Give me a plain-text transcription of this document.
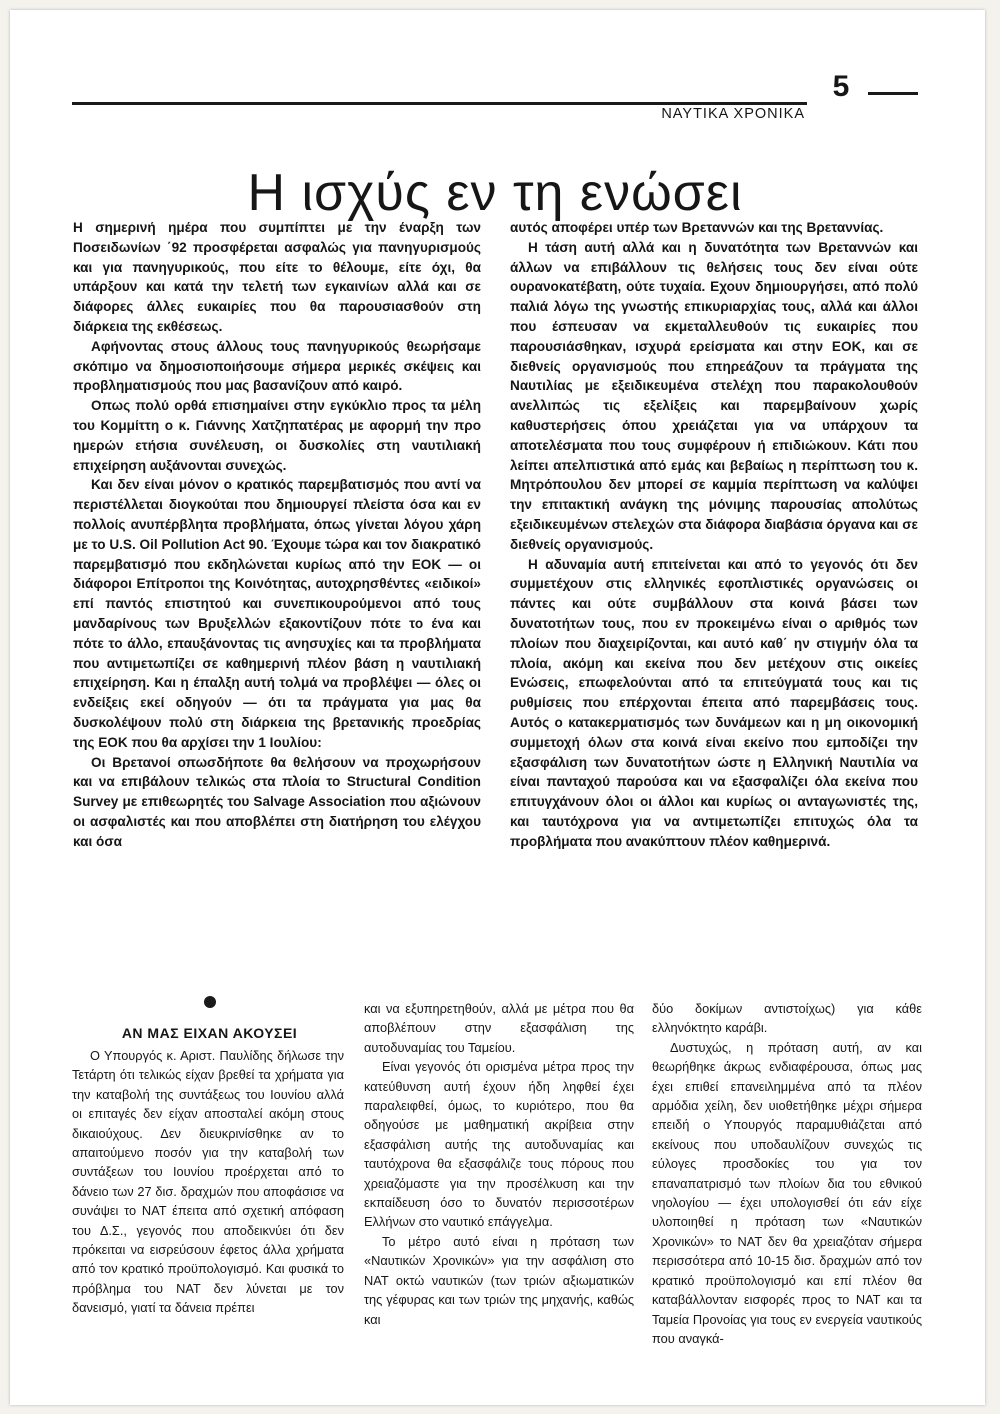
5
ΝΑΥΤΙΚΑ ΧΡΟΝΙΚΑ
Η ισχύς εν τη ενώσει

Η σημερινή ημέρα που συμπίπτει με την έναρξη των Ποσειδωνίων ΄92 προσφέρεται ασφαλώς για πανηγυρισμούς και για πανηγυρικούς, που είτε το θέλουμε, είτε όχι, θα υπάρξουν και κατά την τελετή των εγκαινίων αλλά και σε διάφορες άλλες ευκαιρίες που θα παρουσιασθούν στη διάρκεια της εκθέσεως.

Αφήνοντας στους άλλους τους πανηγυρικούς θεωρήσαμε σκόπιμο να δημοσιοποιήσουμε σήμερα μερικές σκέψεις και προβληματισμούς που μας βασανίζουν από καιρό.

Οπως πολύ ορθά επισημαίνει στην εγκύκλιο προς τα μέλη του Κομμίττη ο κ. Γιάννης Χατζηπατέρας με αφορμή την προ ημερών ετήσια συνέλευση, οι δυσκολίες στη ναυτιλιακή επιχείρηση αυξάνονται συνεχώς.

Και δεν είναι μόνον ο κρατικός παρεμβατισμός που αντί να περιστέλλεται διογκούται που δημιουργεί πλείστα όσα και εν πολλοίς ανυπέρβλητα προβλήματα, όπως γίνεται λόγου χάρη με το U.S. Oil Pollution Act 90. Έχουμε τώρα και τον διακρατικό παρεμβατισμό που εκδηλώνεται κυρίως από την ΕΟΚ — οι διάφοροι Επίτροποι της Κοινότητας, αυτοχρησθέντες «ειδικοί» επί παντός επιστητού και συνεπικουρούμενοι από τους μανδαρίνους των Βρυξελλών εξακοντίζουν πότε το ένα και πότε το άλλο, επαυξάνοντας τις ανησυχίες και τα προβλήματα που αντιμετωπίζει σε καθημερινή πλέον βάση η ναυτιλιακή επιχείρηση. Και η έπαλξη αυτή τολμά να προβλέψει — όλες οι ενδείξεις εκεί οδηγούν — ότι τα πράγματα για μας θα δυσκολέψουν πολύ στη διάρκεια της βρετανικής προεδρίας της ΕΟΚ που θα αρχίσει την 1 Ιουλίου:

Οι Βρετανοί οπωσδήποτε θα θελήσουν να προχωρήσουν και να επιβάλουν τελικώς στα πλοία το Structural Condition Survey με επιθεωρητές του Salvage Association που αξιώνουν οι ασφαλιστές και που αποβλέπει στη διατήρηση του ελέγχου και όσα

αυτός αποφέρει υπέρ των Βρεταννών και της Βρεταννίας.

Η τάση αυτή αλλά και η δυνατότητα των Βρεταννών και άλλων να επιβάλλουν τις θελήσεις τους δεν είναι ούτε ουρανοκατέβατη, ούτε τυχαία. Εχουν δημιουργήσει, από πολύ παλιά λόγω της γνωστής επικυριαρχίας τους, αλλά και άλλοι που έσπευσαν να εκμεταλλευθούν τις ευκαιρίες που παρουσιάσθηκαν, ισχυρά ερείσματα και στην ΕΟΚ, και σε διεθνείς οργανισμούς που επηρεάζουν τα πράγματα της Ναυτιλίας με εξειδικευμένα στελέχη που παρακολουθούν ανελλιπώς τις εξελίξεις και παρεμβαίνουν χωρίς καθυστερήσεις όπου χρειάζεται για να υπάρχουν τα αποτελέσματα που τους συμφέρουν ή επιδιώκουν. Κάτι που λείπει απελπιστικά από εμάς και βεβαίως η περίπτωση του κ. Μητρόπουλου δεν μπορεί σε καμμία περίπτωση να καλύψει την επιτακτική ανάγκη της μόνιμης παρουσίας απολύτως εξειδικευμένων στελεχών στα διάφορα διαβάσια όργανα και σε διεθνείς οργανισμούς.

Η αδυναμία αυτή επιτείνεται και από το γεγονός ότι δεν συμμετέχουν στις ελληνικές εφοπλιστικές οργανώσεις οι πάντες και ούτε συμβάλλουν στα κοινά βάσει των δυνατοτήτων τους, που εν προκειμένω είναι ο αριθμός των πλοίων που διαχειρίζονται, και αυτό καθ΄ ην στιγμήν όλα τα πλοία, ακόμη και εκείνα που δεν μετέχουν στις οικείες Ενώσεις, επωφελούνται από τα επιτεύγματά τους και τις ρυθμίσεις που επέρχονται έπειτα από παρεμβάσεις τους. Αυτός ο κατακερματισμός των δυνάμεων και η μη οικονομική συμμετοχή όλων στα κοινά είναι εκείνο που εμποδίζει την εξασφάλιση των δυνατοτήτων ώστε η Ελληνική Ναυτιλία να είναι πανταχού παρούσα και να εξασφαλίζει όλα εκείνα που επιτυγχάνουν όλοι οι άλλοι και κυρίως οι ανταγωνιστές της, και ταυτόχρονα για να αντιμετωπίζει επιτυχώς όλα τα προβλήματα που ανακύπτουν πλέον καθημερινά.

ΑΝ ΜΑΣ ΕΙΧΑΝ ΑΚΟΥΣΕΙ

Ο Υπουργός κ. Αριστ. Παυλίδης δήλωσε την Τετάρτη ότι τελικώς είχαν βρεθεί τα χρήματα για την καταβολή της συντάξεως του Ιουνίου αλλά οι επιταγές δεν είχαν αποσταλεί ακόμη στους δικαιούχους. Δεν διευκρινίσθηκε αν το απαιτούμενο ποσόν για την καταβολή των συντάξεων του Ιουνίου προέρχεται από το δάνειο των 27 δισ. δραχμών που αποφάσισε να συνάψει το ΝΑΤ έπειτα από σχετική απόφαση του Δ.Σ., γεγονός που αποδεικνύει ότι δεν πρόκειται να εισρεύσουν έφετος άλλα χρήματα από τον κρατικό προϋπολογισμό. Και φυσικά το πρόβλημα του ΝΑΤ δεν λύνεται με τον δανεισμό, γιατί τα δάνεια πρέπει

και να εξυπηρετηθούν, αλλά με μέτρα που θα αποβλέπουν στην εξασφάλιση της αυτοδυναμίας του Ταμείου.

Είναι γεγονός ότι ορισμένα μέτρα προς την κατεύθυνση αυτή έχουν ήδη ληφθεί έχει παραλειφθεί, όμως, το κυριότερο, που θα οδηγούσε με μαθηματική ακρίβεια στην εξασφάλιση αυτής της αυτοδυναμίας και ταυτόχρονα θα εξασφάλιζε τους πόρους που χρειαζόμαστε για την προσέλκυση και την εκπαίδευση όσο το δυνατόν περισσοτέρων Ελλήνων στο ναυτικό επάγγελμα.

Το μέτρο αυτό είναι η πρόταση των «Ναυτικών Χρονικών» για την ασφάλιση στο ΝΑΤ οκτώ ναυτικών (των τριών αξιωματικών της γέφυρας και των τριών της μηχανής, καθώς και

δύο δοκίμων αντιστοίχως) για κάθε ελληνόκτητο καράβι.

Δυστυχώς, η πρόταση αυτή, αν και θεωρήθηκε άκρως ενδιαφέρουσα, όπως μας έχει επιθεί επανειλημμένα από τα πλέον αρμόδια χείλη, δεν υιοθετήθηκε μέχρι σήμερα επειδή ο Υπουργός παραμυθιάζεται από εκείνους που υποδαυλίζουν συνεχώς τις εύλογες προσδοκίες του για τον επαναπατρισμό των πλοίων δια του εθνικού νηολογίου — έχει υπολογισθεί ότι εάν είχε υλοποιηθεί η πρόταση των «Ναυτικών Χρονικών» το ΝΑΤ δεν θα χρειαζόταν σήμερα περισσότερα από 10-15 δισ. δραχμών από τον κρατικό προϋπολογισμό και επί πλέον θα καταβάλλονταν εισφορές προς το ΝΑΤ και τα Ταμεία Προνοίας για τους εν ενεργεία ναυτικούς που αναγκά-
